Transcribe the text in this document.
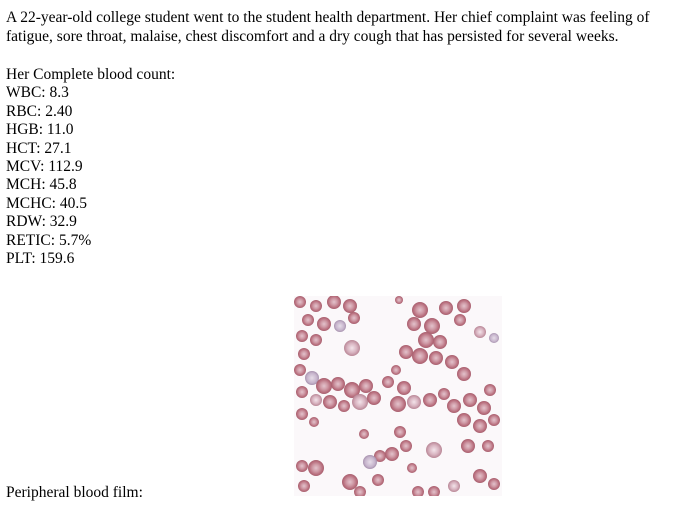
A 22-year-old college student went to the student health department. Her chief complaint was feeling of fatigue, sore throat, malaise, chest discomfort and a dry cough that has persisted for several weeks.
Her Complete blood count:
WBC: 8.3
RBC: 2.40
HGB: 11.0
HCT: 27.1
MCV: 112.9
MCH: 45.8
MCHC: 40.5
RDW: 32.9
RETIC: 5.7%
PLT: 159.6
Peripheral blood film:
